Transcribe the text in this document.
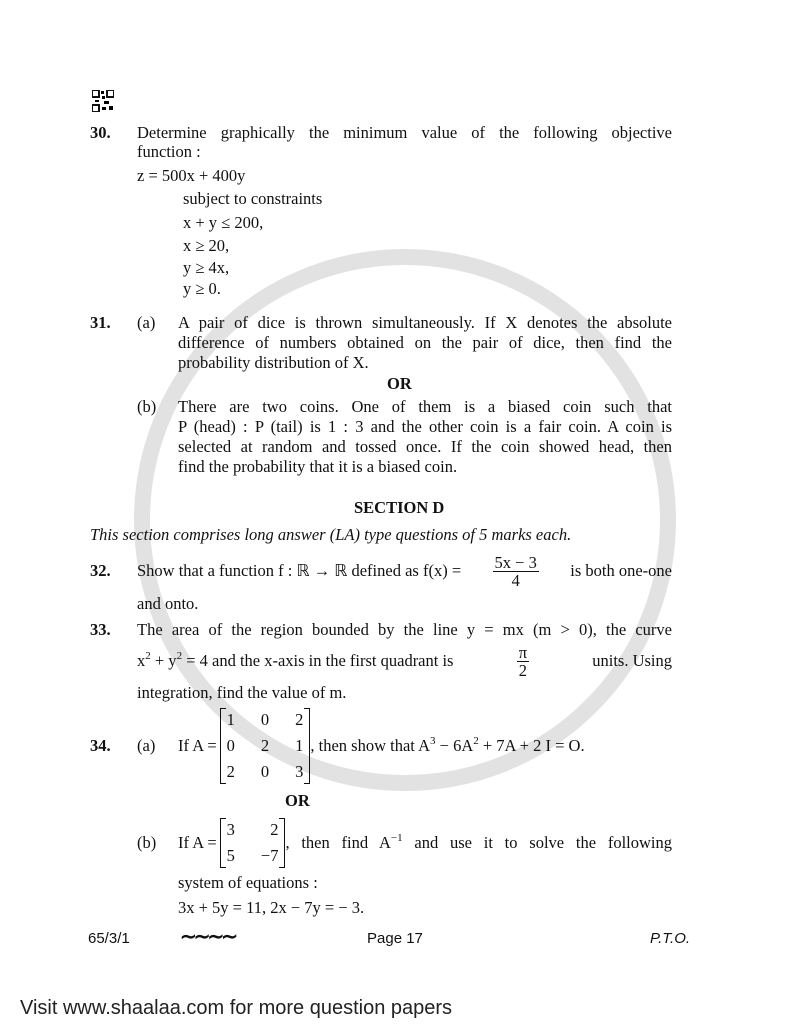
30. Determine graphically the minimum value of the following objective
function :
z = 500x + 400y
subject to constraints
x + y ≤ 200,
x ≥ 20,
y ≥ 4x,
y ≥ 0.
31. (a) A pair of dice is thrown simultaneously. If X denotes the absolute
difference of numbers obtained on the pair of dice, then find the
probability distribution of X.
OR
(b) There are two coins. One of them is a biased coin such that
P (head) : P (tail) is 1 : 3 and the other coin is a fair coin. A coin is
selected at random and tossed once. If the coin showed head, then
find the probability that it is a biased coin.
SECTION D
This section comprises long answer (LA) type questions of 5 marks each.
32. Show that a function f : ℝ → ℝ defined as $f(x) = \frac{5x - 3}{4}$ is both one-one
and onto.
33. The area of the region bounded by the line y = mx (m > 0), the curve
$x^2 + y^2 = 4$ and the x-axis in the first quadrant is	$\frac{\pi}{2}$	units. Using
integration, find the value of m.
34. (a) If A =
1 0 2
0 2 1
2 0 3
, then show that $A^3 - 6A^2 + 7A + 2$ I = O.
OR
(b) If A =
3	2
5 −7
, then find $A^{-1}$ and use it to solve the following
system of equations :
3x + 5y = 11, 2x − 7y = − 3.
65/3/1	∼∼∼∼	Page 17	P.T.O.
Visit www.shaalaa.com for more question papers
